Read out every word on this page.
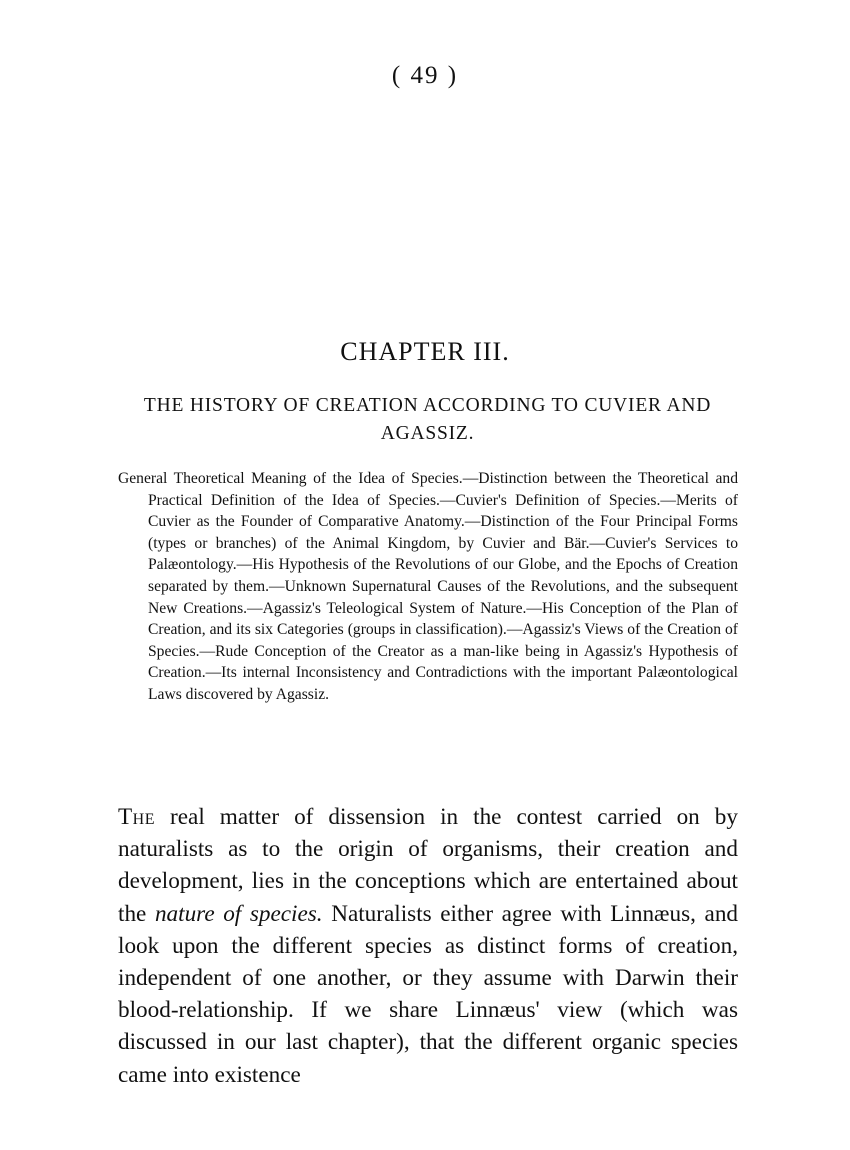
( 49 )
CHAPTER III.
THE HISTORY OF CREATION ACCORDING TO CUVIER AND AGASSIZ.
General Theoretical Meaning of the Idea of Species.—Distinction between the Theoretical and Practical Definition of the Idea of Species.—Cuvier's Definition of Species.—Merits of Cuvier as the Founder of Comparative Anatomy.—Distinction of the Four Principal Forms (types or branches) of the Animal Kingdom, by Cuvier and Bär.—Cuvier's Services to Palæontology.—His Hypothesis of the Revolutions of our Globe, and the Epochs of Creation separated by them.—Unknown Supernatural Causes of the Revolutions, and the subsequent New Creations.—Agassiz's Teleological System of Nature.—His Conception of the Plan of Creation, and its six Categories (groups in classification).—Agassiz's Views of the Creation of Species.—Rude Conception of the Creator as a man-like being in Agassiz's Hypothesis of Creation.—Its internal Inconsistency and Contradictions with the important Palæontological Laws discovered by Agassiz.
The real matter of dissension in the contest carried on by naturalists as to the origin of organisms, their creation and development, lies in the conceptions which are entertained about the nature of species. Naturalists either agree with Linnæus, and look upon the different species as distinct forms of creation, independent of one another, or they assume with Darwin their blood-relationship. If we share Linnæus' view (which was discussed in our last chapter), that the different organic species came into existence
